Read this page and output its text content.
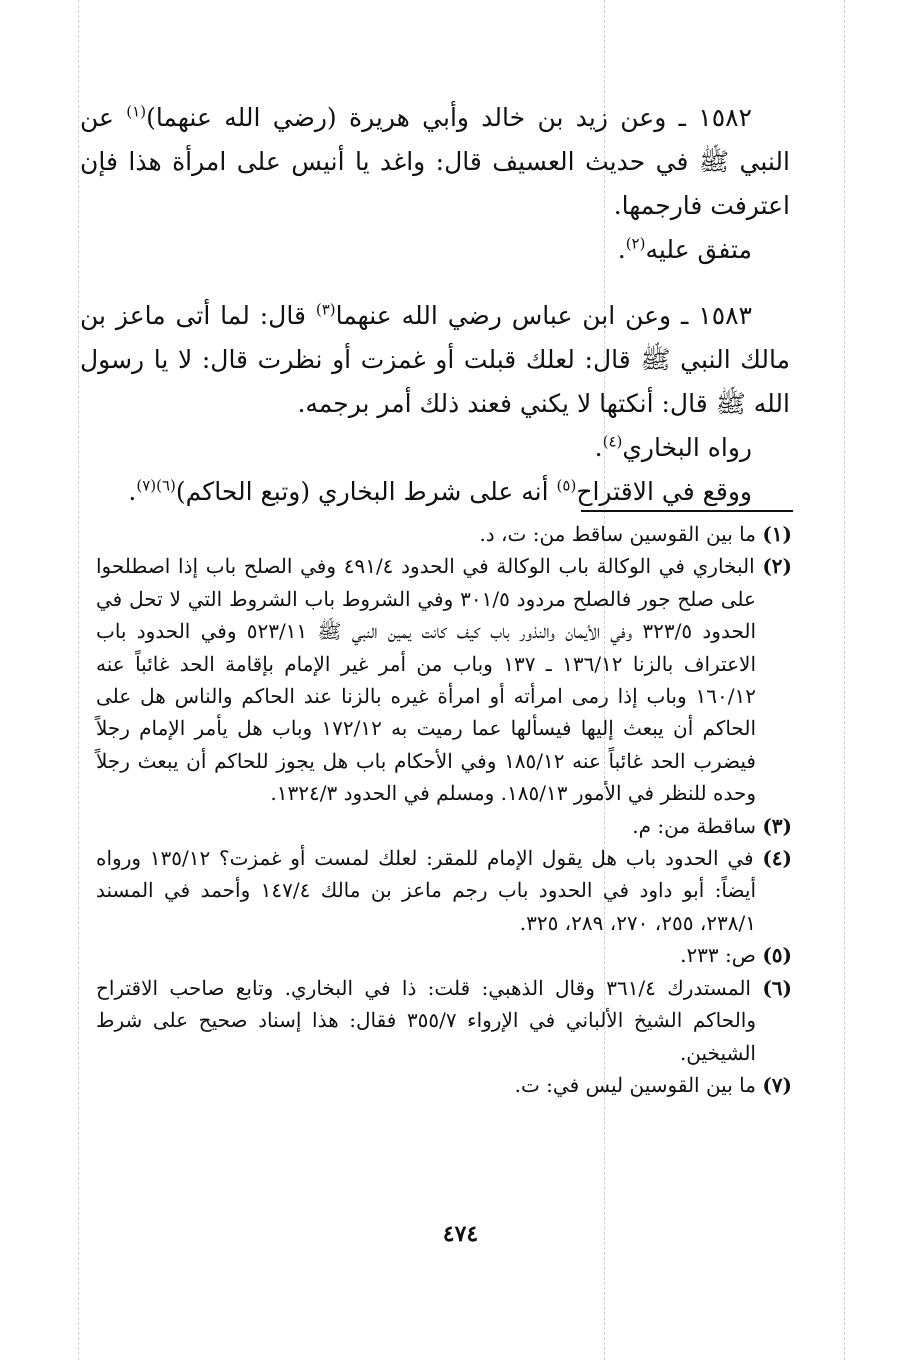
١٥٨٢ ـ وعن زيد بن خالد وأبي هريرة (رضي الله عنهما)$^{(١)}$ عن النبي ﷺ في حديث العسيف قال: واغد يا أنيس على امرأة هذا فإن اعترفت فارجمها.

متفق عليه$^{(٢)}$.

١٥٨٣ ـ وعن ابن عباس رضي الله عنهما$^{(٣)}$ قال: لما أتى ماعز بن مالك النبي ﷺ قال: لعلك قبلت أو غمزت أو نظرت قال: لا يا رسول الله ﷺ قال: أنكتها لا يكني فعند ذلك أمر برجمه.

رواه البخاري$^{(٤)}$.

ووقع في الاقتراح$^{(٥)}$ أنه على شرط البخاري (وتبع الحاكم)$^{(٦)(٧)}$.

(١) ما بين القوسين ساقط من: ت، د.

(٢) البخاري في الوكالة باب الوكالة في الحدود ٤٩١/٤ وفي الصلح باب إذا اصطلحوا على صلح جور فالصلح مردود ٣٠١/٥ وفي الشروط باب الشروط التي لا تحل في الحدود ٣٢٣/٥ وفي الأيمان والنذور باب كيف كانت يمين النبي ﷺ ٥٢٣/١١ وفي الحدود باب الاعتراف بالزنا ١٣٦/١٢ ـ ١٣٧ وباب من أمر غير الإمام بإقامة الحد غائباً عنه ١٦٠/١٢ وباب إذا رمى امرأته أو امرأة غيره بالزنا عند الحاكم والناس هل على الحاكم أن يبعث إليها فيسألها عما رميت به ١٧٢/١٢ وباب هل يأمر الإمام رجلاً فيضرب الحد غائباً عنه ١٨٥/١٢ وفي الأحكام باب هل يجوز للحاكم أن يبعث رجلاً وحده للنظر في الأمور ١٨٥/١٣. ومسلم في الحدود ١٣٢٤/٣.

(٣) ساقطة من: م.

(٤) في الحدود باب هل يقول الإمام للمقر: لعلك لمست أو غمزت؟ ١٣٥/١٢ ورواه أيضاً: أبو داود في الحدود باب رجم ماعز بن مالك ١٤٧/٤ وأحمد في المسند ٢٣٨/١، ٢٥٥، ٢٧٠، ٢٨٩، ٣٢٥.

(٥) ص: ٢٣٣.

(٦) المستدرك ٣٦١/٤ وقال الذهبي: قلت: ذا في البخاري. وتابع صاحب الاقتراح والحاكم الشيخ الألباني في الإرواء ٣٥٥/٧ فقال: هذا إسناد صحيح على شرط الشيخين.

(٧) ما بين القوسين ليس في: ت.

٤٧٤
